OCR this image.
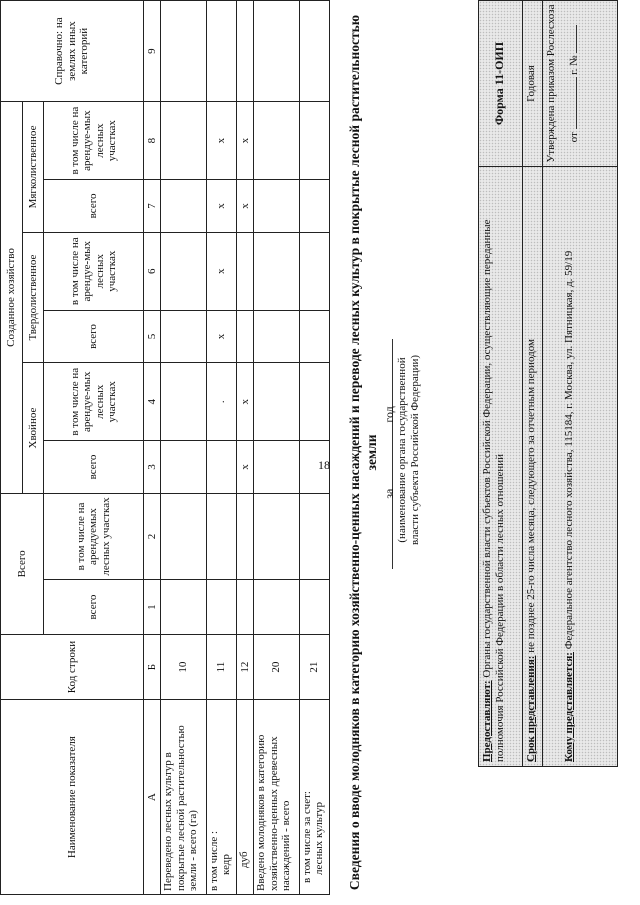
Предоставляют: Органы государственной власти субъектов Российской Федерации, осуществляющие переданные полномочия Российской Федерации в области лесных отношений	Срок представления: не позднее 25-го числа месяца, следующего за отчетным периодом
Кому представляется: Федеральное агентство лесного хозяйства, 115184, г. Москва, ул. Пятницкая, д. 59/19
Форма 11-ОИП	Годовая Утверждена приказом Рослесхоза от  г. №
(наименование органа государственной власти субъекта Российской Федерации)
Сведения о вводе молодняков в категорию хозяйственно-ценных насаждений и переводе лесных культур в покрытые лесной растительностью земли
за  год
Наименование показателя	Код строки	Всего		Созданное хозяйство						Справочно: на землях иных категорий
				Хвойное		Твердолиственное		Мягколиственное		
		всего	в том числе на арендуемых лесных участках	всего	в том числе на арендуе-мых лесных участках	всего	в том числе на арендуе-мых лесных участках	всего	в том числе на арендуе-мых лесных участках	
А	Б	1	2	3	4	5	6	7	8	9
Переведено лесных культур в покрытые лесной растительностью земли - всего (га)	10									

в том числе : кедр	11				.	х	х	х	х	
дуб	12			х	х			х	х	
Введено молодняков в категорию хозяйственно-ценных древесных насаждений - всего	20									

в том числе за счет: лесных культур	21									
18
